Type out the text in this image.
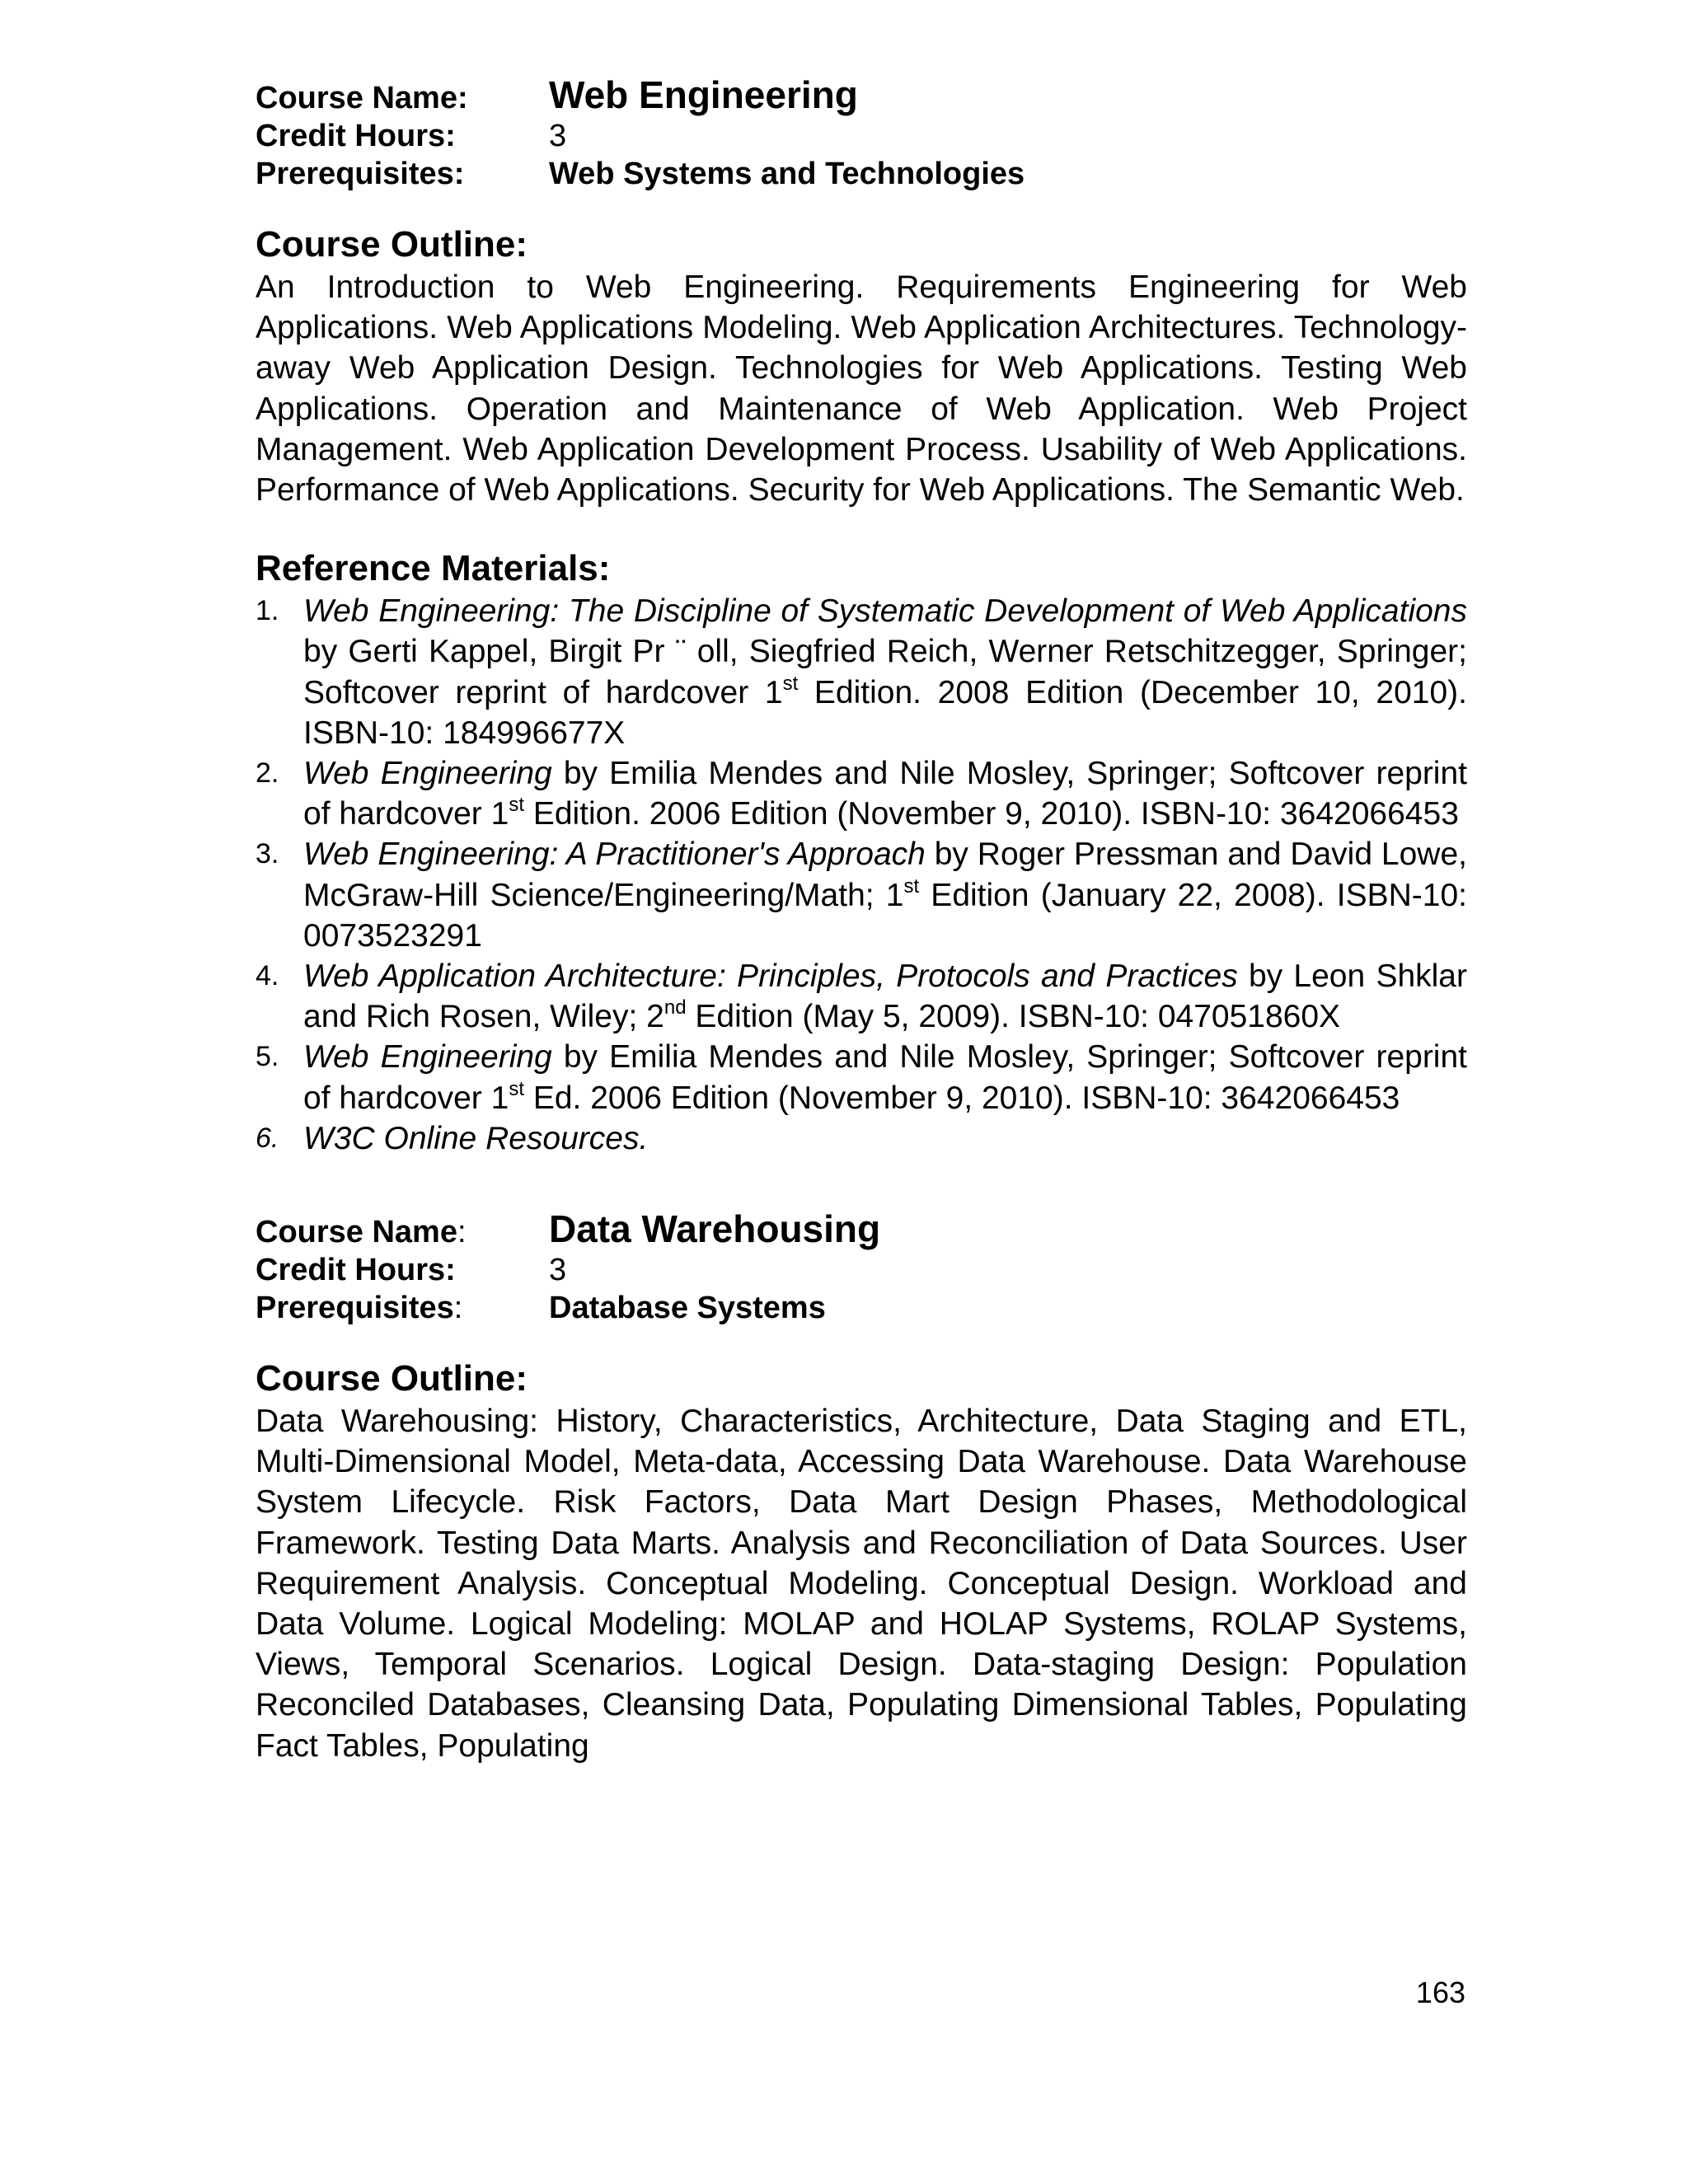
Course Name:	Web Engineering
Credit Hours:	3
Prerequisites:	Web Systems and Technologies
Course Outline:

An Introduction to Web Engineering. Requirements Engineering for Web Applications. Web Applications Modeling. Web Application Architectures. Technology-away Web Application Design. Technologies for Web Applications. Testing Web Applications. Operation and Maintenance of Web Application. Web Project Management. Web Application Development Process. Usability of Web Applications. Performance of Web Applications. Security for Web Applications. The Semantic Web.

Reference Materials:
1. Web Engineering: The Discipline of Systematic Development of Web Applications by Gerti Kappel, Birgit Pr ¨ oll, Siegfried Reich, Werner Retschitzegger, Springer; Softcover reprint of hardcover 1st Edition. 2008 Edition (December 10, 2010). ISBN-10: 184996677X
2. Web Engineering by Emilia Mendes and Nile Mosley, Springer; Softcover reprint of hardcover 1st Edition. 2006 Edition (November 9, 2010). ISBN-10: 3642066453
3. Web Engineering: A Practitioner's Approach by Roger Pressman and David Lowe, McGraw-Hill Science/Engineering/Math; 1st Edition (January 22, 2008). ISBN-10: 0073523291
4. Web Application Architecture: Principles, Protocols and Practices by Leon Shklar and Rich Rosen, Wiley; 2nd Edition (May 5, 2009). ISBN-10: 047051860X
5. Web Engineering by Emilia Mendes and Nile Mosley, Springer; Softcover reprint of hardcover 1st Ed. 2006 Edition (November 9, 2010). ISBN-10: 3642066453
6. W3C Online Resources.
Course Name:	Data Warehousing
Credit Hours:	3
Prerequisites:	Database Systems
Course Outline:

Data Warehousing: History, Characteristics, Architecture, Data Staging and ETL, Multi-Dimensional Model, Meta-data, Accessing Data Warehouse. Data Warehouse System Lifecycle. Risk Factors, Data Mart Design Phases, Methodological Framework. Testing Data Marts. Analysis and Reconciliation of Data Sources. User Requirement Analysis. Conceptual Modeling. Conceptual Design. Workload and Data Volume. Logical Modeling: MOLAP and HOLAP Systems, ROLAP Systems, Views, Temporal Scenarios. Logical Design. Data-staging Design: Population Reconciled Databases, Cleansing Data, Populating Dimensional Tables, Populating Fact Tables, Populating

163
